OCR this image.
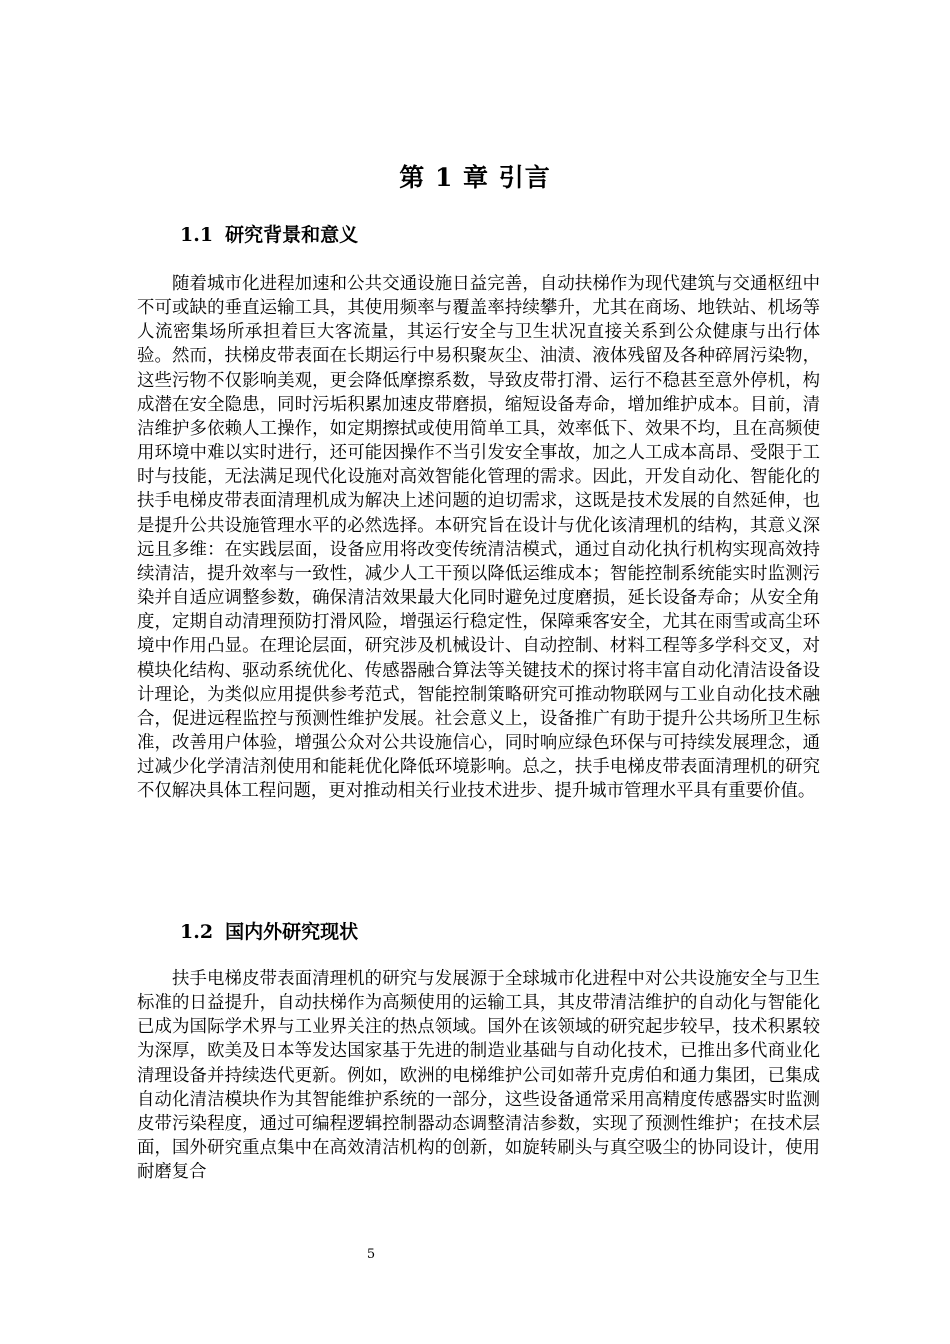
第 1 章 引言
1.1 研究背景和意义

随着城市化进程加速和公共交通设施日益完善，自动扶梯作为现代建筑与交通枢纽中不可或缺的垂直运输工具，其使用频率与覆盖率持续攀升，尤其在商场、地铁站、机场等人流密集场所承担着巨大客流量，其运行安全与卫生状况直接关系到公众健康与出行体验。然而，扶梯皮带表面在长期运行中易积聚灰尘、油渍、液体残留及各种碎屑污染物，这些污物不仅影响美观，更会降低摩擦系数，导致皮带打滑、运行不稳甚至意外停机，构成潜在安全隐患，同时污垢积累加速皮带磨损，缩短设备寿命，增加维护成本。目前，清洁维护多依赖人工操作，如定期擦拭或使用简单工具，效率低下、效果不均，且在高频使用环境中难以实时进行，还可能因操作不当引发安全事故，加之人工成本高昂、受限于工时与技能，无法满足现代化设施对高效智能化管理的需求。因此，开发自动化、智能化的扶手电梯皮带表面清理机成为解决上述问题的迫切需求，这既是技术发展的自然延伸，也是提升公共设施管理水平的必然选择。本研究旨在设计与优化该清理机的结构，其意义深远且多维：在实践层面，设备应用将改变传统清洁模式，通过自动化执行机构实现高效持续清洁，提升效率与一致性，减少人工干预以降低运维成本；智能控制系统能实时监测污染并自适应调整参数，确保清洁效果最大化同时避免过度磨损，延长设备寿命；从安全角度，定期自动清理预防打滑风险，增强运行稳定性，保障乘客安全，尤其在雨雪或高尘环境中作用凸显。在理论层面，研究涉及机械设计、自动控制、材料工程等多学科交叉，对模块化结构、驱动系统优化、传感器融合算法等关键技术的探讨将丰富自动化清洁设备设计理论，为类似应用提供参考范式，智能控制策略研究可推动物联网与工业自动化技术融合，促进远程监控与预测性维护发展。社会意义上，设备推广有助于提升公共场所卫生标准，改善用户体验，增强公众对公共设施信心，同时响应绿色环保与可持续发展理念，通过减少化学清洁剂使用和能耗优化降低环境影响。总之，扶手电梯皮带表面清理机的研究不仅解决具体工程问题，更对推动相关行业技术进步、提升城市管理水平具有重要价值。

1.2 国内外研究现状

扶手电梯皮带表面清理机的研究与发展源于全球城市化进程中对公共设施安全与卫生标准的日益提升，自动扶梯作为高频使用的运输工具，其皮带清洁维护的自动化与智能化已成为国际学术界与工业界关注的热点领域。国外在该领域的研究起步较早，技术积累较为深厚，欧美及日本等发达国家基于先进的制造业基础与自动化技术，已推出多代商业化清理设备并持续迭代更新。例如，欧洲的电梯维护公司如蒂升克虏伯和通力集团，已集成自动化清洁模块作为其智能维护系统的一部分，这些设备通常采用高精度传感器实时监测皮带污染程度，通过可编程逻辑控制器动态调整清洁参数，实现了预测性维护；在技术层面，国外研究重点集中在高效清洁机构的创新，如旋转刷头与真空吸尘的协同设计，使用耐磨复合

5
